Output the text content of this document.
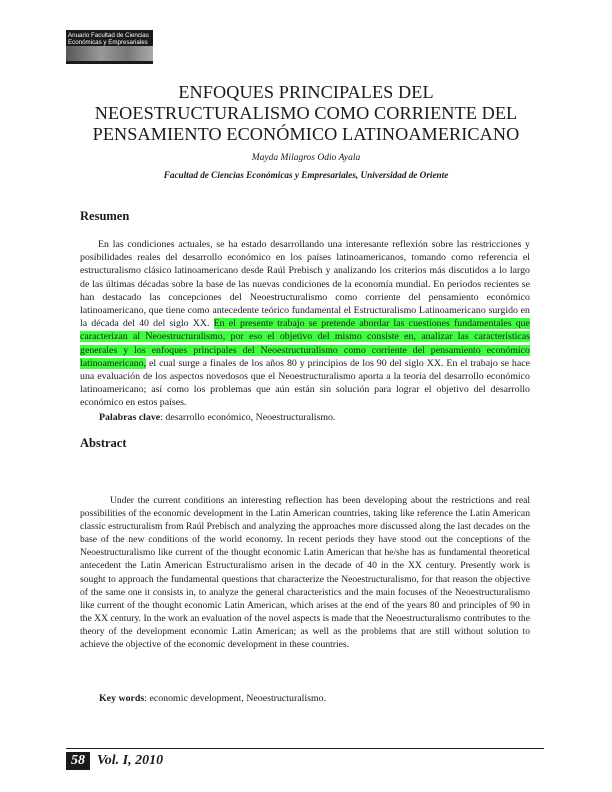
Anuario Facultad de Ciencias
Económicas y Empresariales
ENFOQUES PRINCIPALES DEL
NEOESTRUCTURALISMO COMO CORRIENTE DEL
PENSAMIENTO ECONÓMICO LATINOAMERICANO
Mayda Milagros Odio Ayala
Facultad de Ciencias Económicas y Empresariales, Universidad de Oriente
Resumen
En las condiciones actuales, se ha estado desarrollando una interesante reflexión sobre las restricciones y posibilidades reales del desarrollo económico en los países latinoamericanos, tomando como referencia el estructuralismo clásico latinoamericano desde Raúl Prebisch y analizando los criterios más discutidos a lo largo de las últimas décadas sobre la base de las nuevas condiciones de la economía mundial. En períodos recientes se han destacado las concepciones del Neoestructuralismo como corriente del pensamiento económico latinoamericano, que tiene como antecedente teórico fundamental el Estructuralismo Latinoamericano surgido en la década del 40 del siglo XX. En el presente trabajo se pretende abordar las cuestiones fundamentales que caracterizan al Neoestructuralismo, por eso el objetivo del mismo consiste en, analizar las características generales y los enfoques principales del Neoestructuralismo como corriente del pensamiento económico latinoamericano, el cual surge a finales de los años 80 y principios de los 90 del siglo XX. En el trabajo se hace una evaluación de los aspectos novedosos que el Neoestructuralismo aporta a la teoría del desarrollo económico latinoamericano; así como los problemas que aún están sin solución para lograr el objetivo del desarrollo económico en estos países.
Palabras clave: desarrollo económico, Neoestructuralismo.
Abstract
Under the current conditions an interesting reflection has been developing about the restrictions and real possibilities of the economic development in the Latin American countries, taking like reference the Latin American classic estructuralism from Raúl Prebisch and analyzing the approaches more discussed along the last decades on the base of the new conditions of the world economy. In recent periods they have stood out the conceptions of the Neoestructuralismo like current of the thought economic Latin American that he/she has as fundamental theoretical antecedent the Latin American Estructuralismo arisen in the decade of 40 in the XX century. Presently work is sought to approach the fundamental questions that characterize the Neoestructuralismo, for that reason the objective of the same one it consists in, to analyze the general characteristics and the main focuses of the Neoestructuralismo like current of the thought economic Latin American, which arises at the end of the years 80 and principles of 90 in the XX century. In the work an evaluation of the novel aspects is made that the Neoestructuralismo contributes to the theory of the development economic Latin American; as well as the problems that are still without solution to achieve the objective of the economic development in these countries.
Key words: economic development, Neoestructuralismo.
58 Vol. I, 2010
